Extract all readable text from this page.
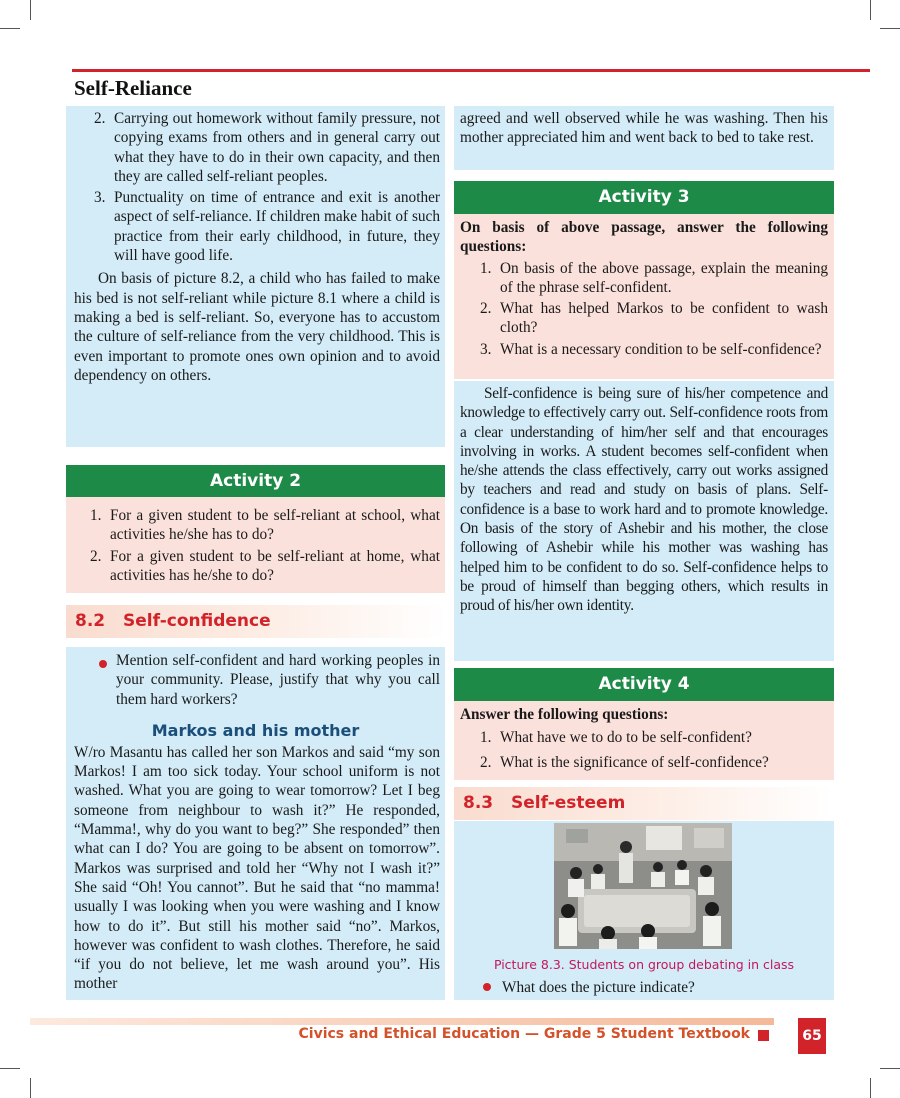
Self-Reliance
2. Carrying out homework without family pressure, not copying exams from others and in general carry out what they have to do in their own capacity, and then they are called self-reliant peoples.
3. Punctuality on time of entrance and exit is another aspect of self-reliance. If children make habit of such practice from their early childhood, in future, they will have good life.

On basis of picture 8.2, a child who has failed to make his bed is not self-reliant while picture 8.1 where a child is making a bed is self-reliant. So, everyone has to accustom the culture of self-reliance from the very childhood. This is even important to promote ones own opinion and to avoid dependency on others.

Activity 2
1. For a given student to be self-reliant at school, what activities he/she has to do?
2. For a given student to be self-reliant at home, what activities has he/she to do?
8.2 Self-confidence

Mention self-confident and hard working peoples in your community. Please, justify that why you call them hard workers?

W/ro Masantu has called her son Markos and said “my son Markos! I am too sick today. Your school uniform is not washed. What you are going to wear tomorrow? Let I beg someone from neighbour to wash it?” He responded, “Mamma!, why do you want to beg?” She responded” then what can I do? You are going to be absent on tomorrow”. Markos was surprised and told her “Why not I wash it?” She said “Oh! You cannot”. But he said that “no mamma! usually I was looking when you were washing and I know how to do it”. But still his mother said “no”. Markos, however was confident to wash clothes. Therefore, he said “if you do not believe, let me wash around you”. His mother

Markos and his mother

agreed and well observed while he was washing. Then his mother appreciated him and went back to bed to take rest.

Activity 3

On basis of above passage, answer the following questions:

1. On basis of the above passage, explain the meaning of the phrase self-confident.
2. What has helped Markos to be confident to wash cloth?
3. What is a necessary condition to be self-confidence?

Self-confidence is being sure of his/her competence and knowledge to effectively carry out. Self-confidence roots from a clear understanding of him/her self and that encourages involving in works. A student becomes self-confident when he/she attends the class effectively, carry out works assigned by teachers and read and study on basis of plans. Self-confidence is a base to work hard and to promote knowledge. On basis of the story of Ashebir and his mother, the close following of Ashebir while his mother was washing has helped him to be confident to do so. Self-confidence helps to be proud of himself than begging others, which results in proud of his/her own identity.

Activity 4

Answer the following questions:

1. What have we to do to be self-confident?
2. What is the significance of self-confidence?
8.3 Self-esteem
Picture 8.3. Students on group debating in class

What does the picture indicate?

Civics and Ethical Education — Grade 5 Student Textbook	65
